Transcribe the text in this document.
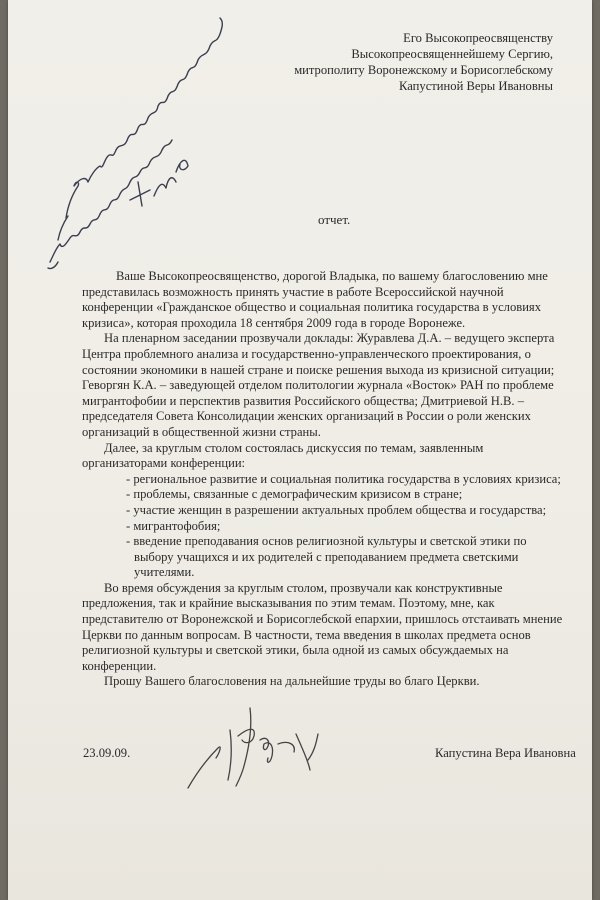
Его Высокопреосвященству
Высокопреосвященнейшему Сергию,
митрополиту Воронежскому и Борисоглебскому
Капустиной Веры Ивановны
отчет.
Ваше Высокопреосвященство, дорогой Владыка, по вашему благословению мне
представилась возможность принять участие в работе Всероссийской научной
конференции «Гражданское общество и социальная политика государства в условиях
кризиса», которая проходила 18 сентября 2009 года в городе Воронеже.
На пленарном заседании прозвучали доклады: Журавлева Д.А. – ведущего эксперта
Центра проблемного анализа и государственно-управленческого проектирования, о
состоянии экономики в нашей стране и поиске решения выхода из кризисной ситуации;
Геворгян К.А. – заведующей отделом политологии журнала «Восток» РАН по проблеме
мигрантофобии и перспектив развития Российского общества; Дмитриевой Н.В. –
председателя Совета Консолидации женских организаций в России о роли женских
организаций в общественной жизни страны.
Далее, за круглым столом состоялась дискуссия по темам, заявленным
организаторами конференции:
- региональное развитие и социальная политика государства в условиях кризиса;
- проблемы, связанные с демографическим кризисом в стране;
- участие женщин в разрешении актуальных проблем общества и государства;
- мигрантофобия;
- введение преподавания основ религиозной культуры и светской этики по
выбору учащихся и их родителей с преподаванием предмета светскими
учителями.
Во время обсуждения за круглым столом, прозвучали как конструктивные
предложения, так и крайние высказывания по этим темам. Поэтому, мне, как
представителю от Воронежской и Борисоглебской епархии, пришлось отстаивать мнение
Церкви по данным вопросам. В частности, тема введения в школах предмета основ
религиозной культуры и светской этики, была одной из самых обсуждаемых на
конференции.
Прошу Вашего благословения на дальнейшие труды во благо Церкви.
23.09.09.	Капустина Вера Ивановна
